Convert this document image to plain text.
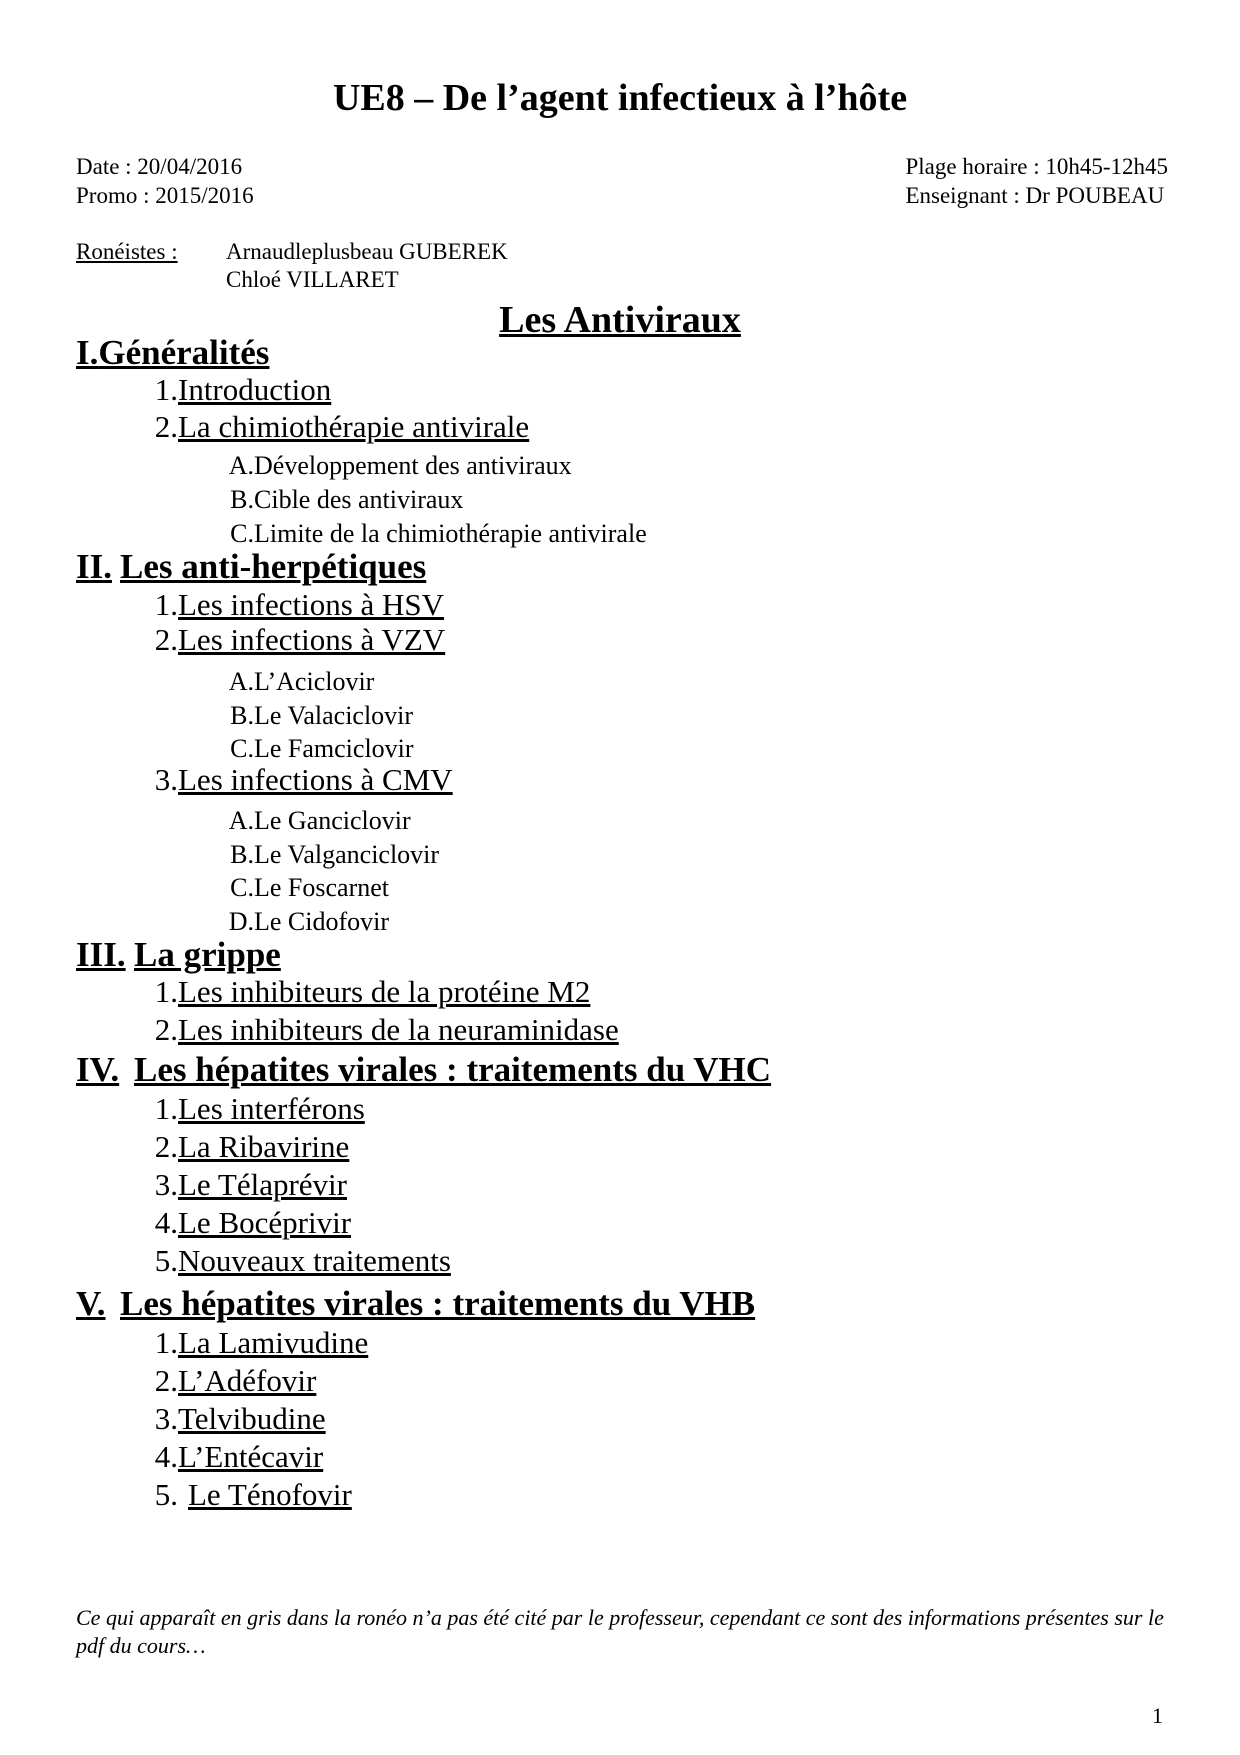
UE8 – De l’agent infectieux à l’hôte
Date : 20/04/2016
Promo : 2015/2016
Plage horaire : 10h45-12h45
Enseignant : Dr POUBEAU
Ronéistes : Arnaudleplusbeau GUBEREK
Chloé VILLARET
Les Antiviraux
I.Généralités
1.Introduction
2.La chimiothérapie antivirale
A.Développement des antiviraux
B.Cible des antiviraux
C.Limite de la chimiothérapie antivirale
II. Les anti-herpétiques
1.Les infections à HSV
2.Les infections à VZV
A.L’Aciclovir
B.Le Valaciclovir
C.Le Famciclovir
3.Les infections à CMV
A.Le Ganciclovir
B.Le Valganciclovir
C.Le Foscarnet
D.Le Cidofovir
III. La grippe
1.Les inhibiteurs de la protéine M2
2.Les inhibiteurs de la neuraminidase
IV. Les hépatites virales : traitements du VHC
1.Les interférons
2.La Ribavirine
3.Le Télaprévir
4.Le Bocéprivir
5.Nouveaux traitements
V. Les hépatites virales : traitements du VHB
1.La Lamivudine
2.L’Adéfovir
3.Telvibudine
4.L’Entécavir
5. Le Ténofovir
Ce qui apparaît en gris dans la ronéo n’a pas été cité par le professeur, cependant ce sont des informations présentes sur le pdf du cours…
1
